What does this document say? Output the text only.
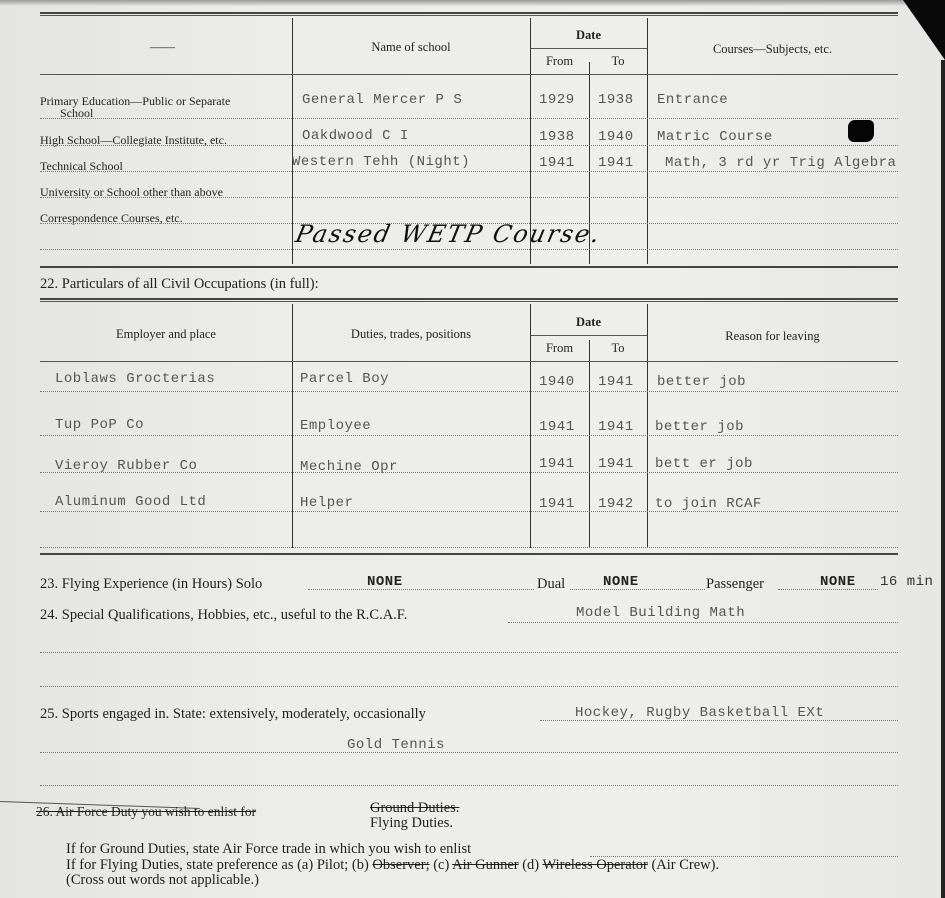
——	Name of school
Date
From	To
Courses—Subjects, etc.
Primary Education—Public or Separate
School
General Mercer P S	1929 1938 Entrance
High School—Collegiate Institute, etc.	Oakdwood C I	1938 1940 Matric Course
Technical School	Western Tehh (Night)	1941 1941 Math, 3 rd yr Trig Algebra
University or School other than above
Correspondence Courses, etc.
Passed WETP Course.
22. Particulars of all Civil Occupations (in full):
Employer and place	Duties, trades, positions
Date
From	To
Reason for leaving
Loblaws Grocterias	Parcel Boy	1940 1941 better job
Tup PoP Co	Employee	1941 1941 better job
Vieroy Rubber Co	Mechine Opr	1941 1941 bett er job
Aluminum Good Ltd	Helper	1941 1942 to join RCAF
23. Flying Experience (in Hours) Solo	NONE	Dual	NONE	Passenger	NONE 16 min
24. Special Qualifications, Hobbies, etc., useful to the R.C.A.F.	Model Building Math
25. Sports engaged in. State: extensively, moderately, occasionally	Hockey, Rugby Basketball EXt
Gold Tennis
26. Air Force Duty you wish to enlist for	Ground Duties.
Flying Duties.
If for Ground Duties, state Air Force trade in which you wish to enlist
If for Flying Duties, state preference as (a) Pilot; (b) Observer; (c) Air Gunner (d) Wireless Operator (Air Crew).
(Cross out words not applicable.)
